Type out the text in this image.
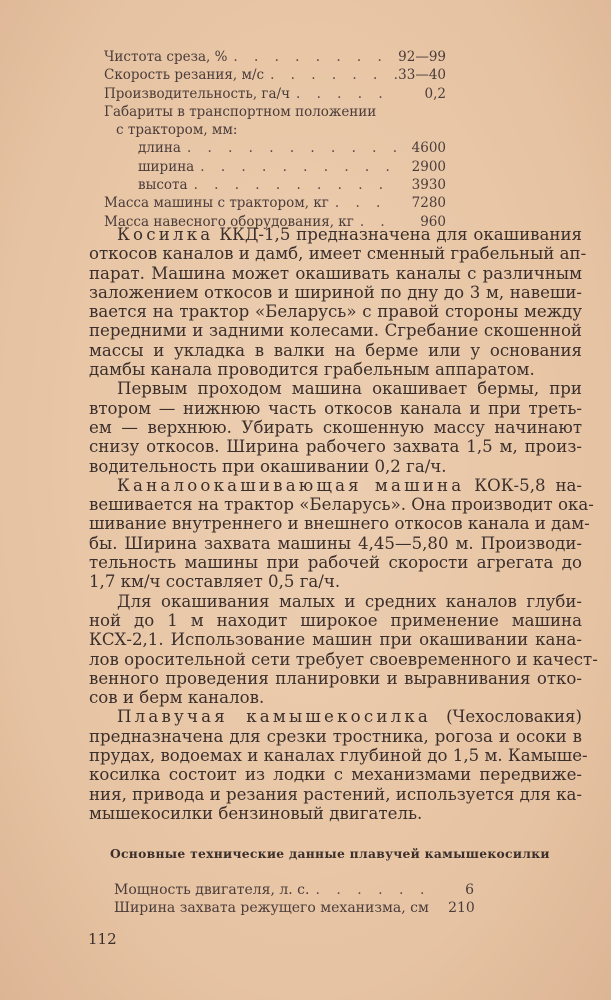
Чистота среза, % . . .	92—99
Скорость резания, м/с . . .	33—40
Производительность, га/ч . . .	0,2
Габариты в транспортном положении
с трактором, мм:
длина . . .	4600
ширина . . .	2900
высота . . .	3930
Масса машины с трактором, кг . . .	7280
Масса навесного оборудования, кг . . .	960
Косилка ККД-1,5 предназначена для окашивания
откосов каналов и дамб, имеет сменный грабельный ап-
парат. Машина может окашивать каналы с различным
заложением откосов и шириной по дну до 3 м, навеши-
вается на трактор «Беларусь» с правой стороны между
передними и задними колесами. Сгребание скошенной
массы и укладка в валки на берме или у основания
дамбы канала проводится грабельным аппаратом.
Первым проходом машина окашивает бермы, при
втором — нижнюю часть откосов канала и при треть-
ем — верхнюю. Убирать скошенную массу начинают
снизу откосов. Ширина рабочего захвата 1,5 м, произ-
водительность при окашивании 0,2 га/ч.
Каналоокашивающая машина КОК-5,8 на-
вешивается на трактор «Беларусь». Она производит ока-
шивание внутреннего и внешнего откосов канала и дам-
бы. Ширина захвата машины 4,45—5,80 м. Производи-
тельность машины при рабочей скорости агрегата до
1,7 км/ч составляет 0,5 га/ч.
Для окашивания малых и средних каналов глуби-
ной до 1 м находит широкое применение машина
КСХ-2,1. Использование машин при окашивании кана-
лов оросительной сети требует своевременного и качест-
венного проведения планировки и выравнивания отко-
сов и берм каналов.
Плавучая камышекосилка (Чехословакия)
предназначена для срезки тростника, рогоза и осоки в
прудах, водоемах и каналах глубиной до 1,5 м. Камыше-
косилка состоит из лодки с механизмами передвиже-
ния, привода и резания растений, используется для ка-
мышекосилки бензиновый двигатель.
Основные технические данные плавучей камышекосилки
Мощность двигателя, л. с. . . .	6
Ширина захвата режущего механизма, см . . .	210
112
